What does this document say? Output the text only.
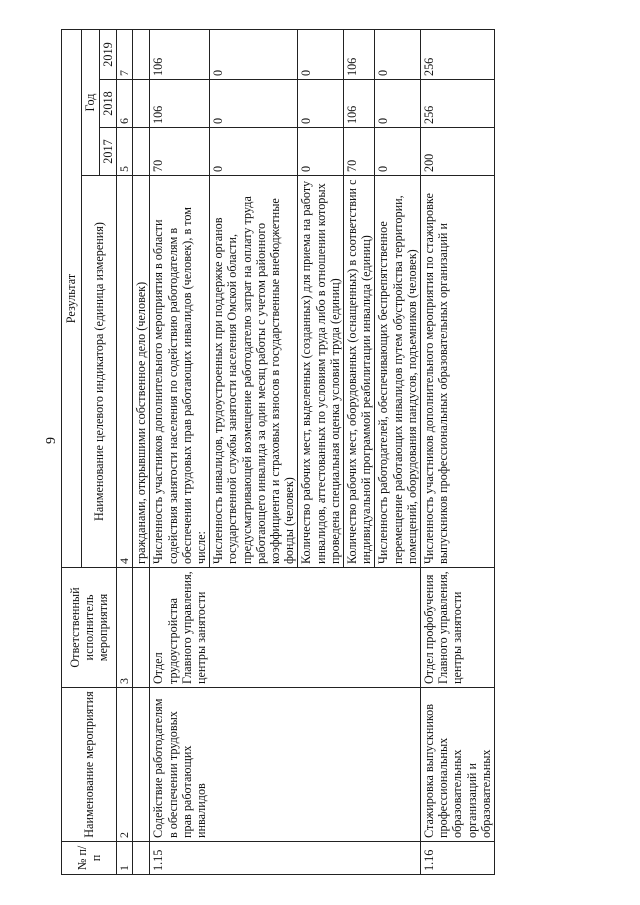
9
№ п/п	Наименование мероприятия	Ответственный исполнитель мероприятия	Результат			
			Наименование целевого индикатора (единица измерения)	Год		
				2017	2018	2019
1	2	3	4	5	6	7
			гражданами, открывшими собственное дело (человек)			
1.15	Содействие работодателям в обеспечении трудовых прав работающих инвалидов	Отдел трудоустройства Главного управления, центры занятости	Численность участников дополнительного мероприятия в области содействия занятости населения по содействию работодателям в обеспечении трудовых прав работающих инвалидов (человек), в том числе:	70	106	106
			Численность инвалидов, трудоустроенных при поддержке органов государственной службы занятости населения Омской области, предусматривающей возмещение работодателю затрат на оплату труда работающего инвалида за один месяц работы с учетом районного коэффициента и страховых взносов в государственные внебюджетные фонды (человек)	0	0	0
			Количество рабочих мест, выделенных (созданных) для приема на работу инвалидов, аттестованных по условиям труда либо в отношении которых проведена специальная оценка условий труда (единиц)	0	0	0
			Количество рабочих мест, оборудованных (оснащенных) в соответствии с индивидуальной программой реабилитации инвалида (единиц)	70	106	106
			Численность работодателей, обеспечивающих беспрепятственное перемещение работающих инвалидов путем обустройства территории, помещений, оборудования пандусов, подъемников (человек)	0	0	0
1.16	Стажировка выпускников профессиональных образовательных организаций и образовательных	Отдел профобучения Главного управления, центры занятости	Численность участников дополнительного мероприятия по стажировке выпускников профессиональных образовательных организаций и	200	256	256
